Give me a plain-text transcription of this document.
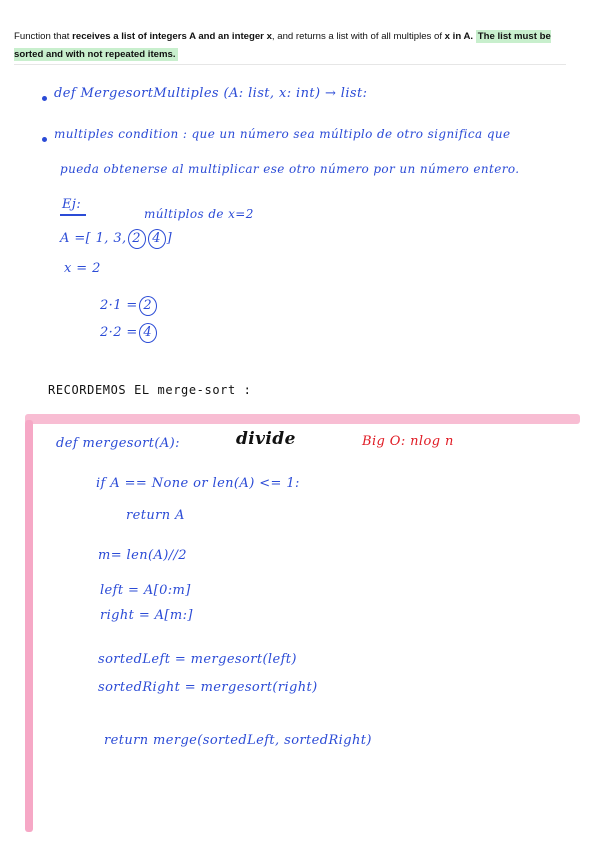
Function that receives a list of integers A and an integer x, and returns a list with of all multiples of x in A. The list must be sorted and with not repeated items.
def MergesortMultiples (A: list, x: int) → list:
multiples condition : que un número sea múltiplo de otro significa que
pueda obtenerse al multiplicar ese otro número por un número entero.
Ej:
múltiplos de x=2
A =[ 1, 3, 2 4 ]
x = 2
2·1 = 2
2·2 = 4
RECORDEMOS EL merge-sort :
def mergesort(A):	divide	Big O: nlog n
if A == None or len(A) <= 1:
return A
m= len(A)//2
left = A[0:m]
right = A[m:]
sortedLeft = mergesort(left)
sortedRight = mergesort(right)
return merge(sortedLeft, sortedRight)
